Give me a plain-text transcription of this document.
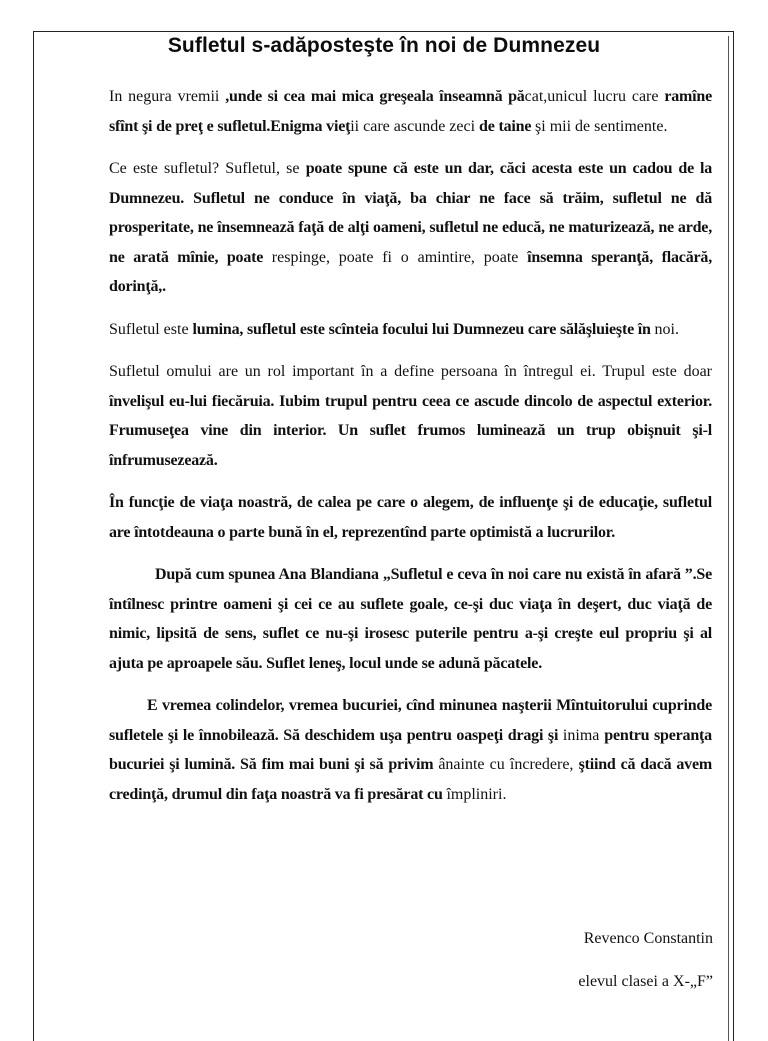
Sufletul s-adăposteşte în noi de Dumnezeu

In negura vremii ,unde si cea mai mica greşeala înseamnă păcat,unicul lucru care ramîne sfînt şi de preţ e sufletul.Enigma vieţii care ascunde zeci de taine şi mii de sentimente.

Ce este sufletul? Sufletul, se poate spune că este un dar, căci acesta este un cadou de la Dumnezeu. Sufletul ne conduce în viaţă, ba chiar ne face să trăim, sufletul ne dă prosperitate, ne însemnează faţă de alţi oameni, sufletul ne educă, ne maturizează, ne arde, ne arată mînie, poate respinge, poate fi o amintire, poate însemna speranţă, flacără, dorinţă,.

Sufletul este lumina, sufletul este scînteia focului lui Dumnezeu care sălăşluieşte în noi.

Sufletul omului are un rol important în a define persoana în întregul ei. Trupul este doar învelişul eu-lui fiecăruia. Iubim trupul pentru ceea ce ascude dincolo de aspectul exterior. Frumuseţea vine din interior. Un suflet frumos luminează un trup obişnuit şi-l înfrumusezează.

În funcţie de viaţa noastră, de calea pe care o alegem, de influenţe şi de educaţie, sufletul are întotdeauna o parte bună în el, reprezentînd parte optimistă a lucrurilor.

După cum spunea Ana Blandiana „Sufletul e ceva în noi care nu există în afară ”.Se întîlnesc printre oameni şi cei ce au suflete goale, ce-şi duc viaţa în deşert, duc viaţă de nimic, lipsită de sens, suflet ce nu-şi irosesc puterile pentru a-şi creşte eul propriu şi al ajuta pe aproapele său. Suflet leneş, locul unde se adună păcatele.

E vremea colindelor, vremea bucuriei, cînd minunea naşterii Mîntuitorului cuprinde sufletele şi le înnobilează. Să deschidem uşa pentru oaspeţi dragi şi inima pentru speranţa bucuriei şi lumină. Să fim mai buni şi să privim ânainte cu încredere, ştiind că dacă avem credinţă, drumul din faţa noastră va fi presărat cu împliniri.

Revenco Constantin
elevul clasei a X-„F”
